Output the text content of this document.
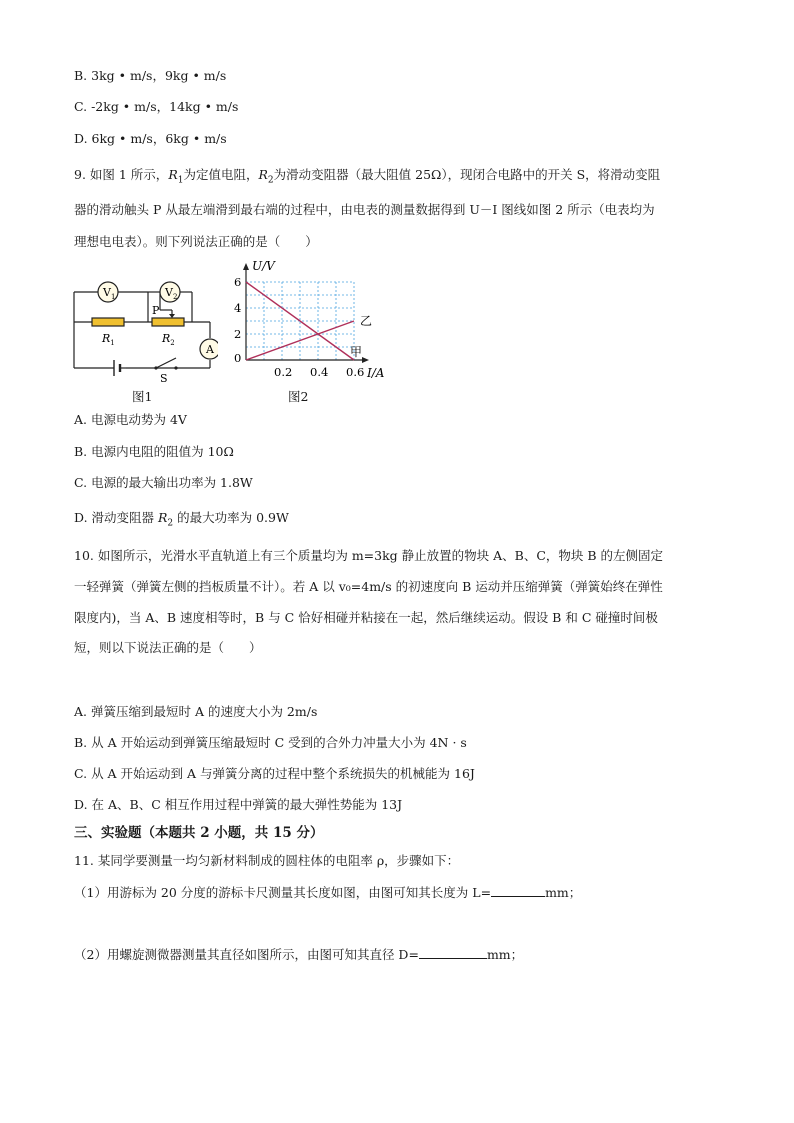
B. 3kg • m/s，9kg • m/s
C. -2kg • m/s，14kg • m/s
D. 6kg • m/s，6kg • m/s
9. 如图 1 所示，$R_1$为定值电阻，$R_2$为滑动变阻器（最大阻值 25Ω），现闭合电路中的开关 S，将滑动变阻
器的滑动触头 P 从最左端滑到最右端的过程中，由电表的测量数据得到 U－I 图线如图 2 所示（电表均为
理想电电表）。则下列说法正确的是（　　）
$V_1$	$V_2$
A
P
$R_1$	$R_2$
S
图1
2
4
6
0.2 0.4 0.6
0
U/V
I/A
乙
甲
图2
A. 电源电动势为 4V
B. 电源内电阻的阻值为 10Ω
C. 电源的最大输出功率为 1.8W
D. 滑动变阻器 $R_2$ 的最大功率为 0.9W
10. 如图所示，光滑水平直轨道上有三个质量均为 m=3kg 静止放置的物块 A、B、C，物块 B 的左侧固定
一轻弹簧（弹簧左侧的挡板质量不计）。若 A 以 v₀=4m/s 的初速度向 B 运动并压缩弹簧（弹簧始终在弹性
限度内)，当 A、B 速度相等时，B 与 C 恰好相碰并粘接在一起，然后继续运动。假设 B 和 C 碰撞时间极
短，则以下说法正确的是（　　）
A. 弹簧压缩到最短时 A 的速度大小为 2m/s
B. 从 A 开始运动到弹簧压缩最短时 C 受到的合外力冲量大小为 4N · s
C. 从 A 开始运动到 A 与弹簧分离的过程中整个系统损失的机械能为 16J
D. 在 A、B、C 相互作用过程中弹簧的最大弹性势能为 13J
三、实验题（本题共 2 小题，共 15 分）
11. 某同学要测量一均匀新材料制成的圆柱体的电阻率 ρ，步骤如下：
（1）用游标为 20 分度的游标卡尺测量其长度如图，由图可知其长度为 L=	mm；
（2）用螺旋测微器测量其直径如图所示，由图可知其直径 D=	mm；
